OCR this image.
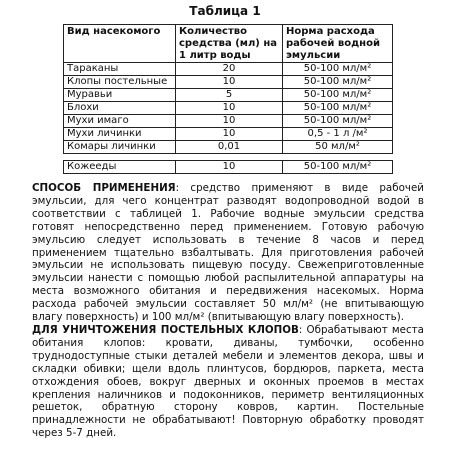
Таблица 1
Вид насекомого	Количество средства (мл) на 1 литр воды	Норма расхода рабочей водной эмульсии
Тараканы	20	50-100 мл/м²
Клопы постельные	10	50-100 мл/м²
Муравьи	5	50-100 мл/м²
Блохи	10	50-100 мл/м²
Мухи имаго	10	50-100 мл/м²
Мухи личинки	10	0,5 - 1 л /м²
Комары личинки	0,01	50 мл/м²
Кожееды	10	50-100 мл/м²

СПОСОБ ПРИМЕНЕНИЯ: средство применяют в виде рабочей эмульсии, для чего концентрат разводят водопроводной водой в соответствии с таблицей 1. Рабочие водные эмульсии средства готовят непосредственно перед применением. Готовую рабочую эмульсию следует использовать в течение 8 часов и перед применением тщательно взбалтывать. Для приготовления рабочей эмульсии не использовать пищевую посуду. Свежеприготовленные эмульсии нанести с помощью любой распылительной аппаратуры на места возможного обитания и передвижения насекомых. Норма расхода рабочей эмульсии составляет 50 мл/м² (не впитывающую влагу поверхность) и 100 мл/м² (впитывающую влагу поверхность).

ДЛЯ УНИЧТОЖЕНИЯ ПОСТЕЛЬНЫХ КЛОПОВ: Обрабатывают места обитания клопов: кровати, диваны, тумбочки, особенно труднодоступные стыки деталей мебели и элементов декора, швы и складки обивки; щели вдоль плинтусов, бордюров, паркета, места отхождения обоев, вокруг дверных и оконных проемов в местах крепления наличников и подоконников, периметр вентиляционных решеток, обратную сторону ковров, картин. Постельные принадлежности не обрабатывают! Повторную обработку проводят через 5-7 дней.
